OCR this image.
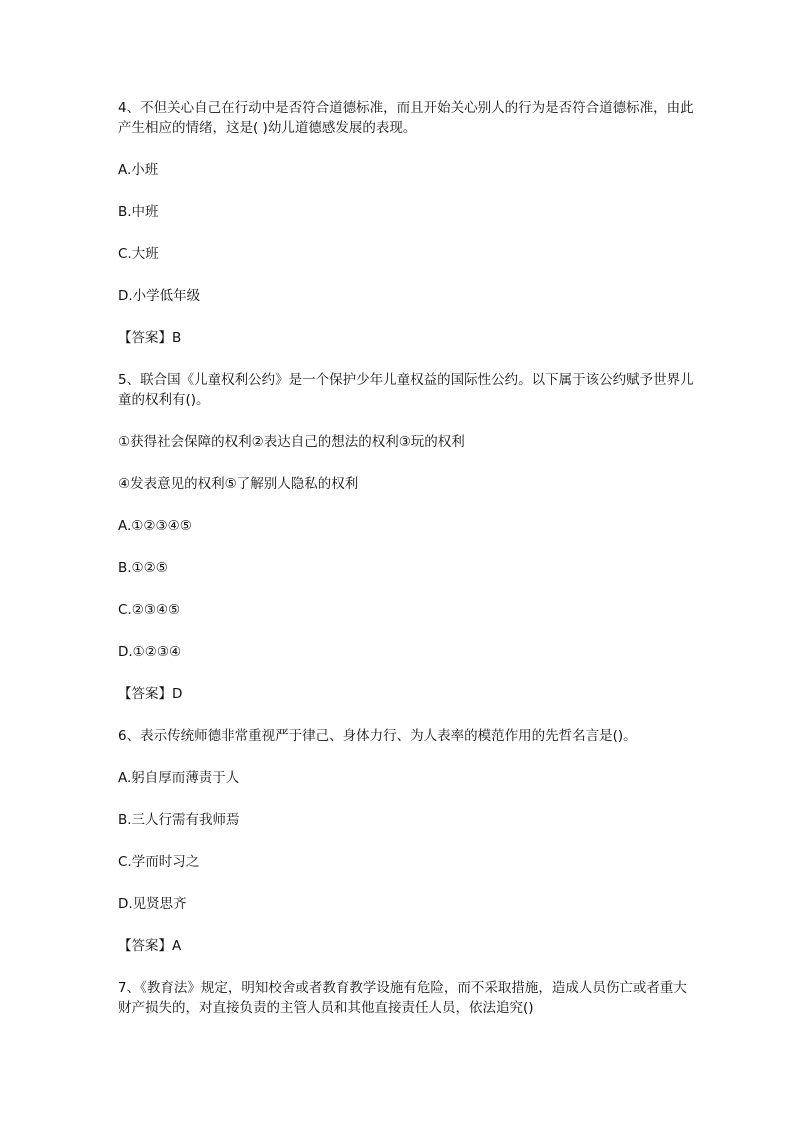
4、不但关心自己在行动中是否符合道德标准，而且开始关心别人的行为是否符合道德标准，由此产生相应的情绪，这是( )幼儿道德感发展的表现。

A.小班

B.中班

C.大班

D.小学低年级

【答案】B

5、联合国《儿童权利公约》是一个保护少年儿童权益的国际性公约。以下属于该公约赋予世界儿童的权利有()。

①获得社会保障的权利②表达自己的想法的权利③玩的权利

④发表意见的权利⑤了解别人隐私的权利

A.①②③④⑤

B.①②⑤

C.②③④⑤

D.①②③④

【答案】D

6、表示传统师德非常重视严于律己、身体力行、为人表率的模范作用的先哲名言是()。

A.躬自厚而薄责于人

B.三人行需有我师焉

C.学而时习之

D.见贤思齐

【答案】A

7、《教育法》规定，明知校舍或者教育教学设施有危险，而不采取措施，造成人员伤亡或者重大财产损失的，对直接负责的主管人员和其他直接责任人员，依法追究()
